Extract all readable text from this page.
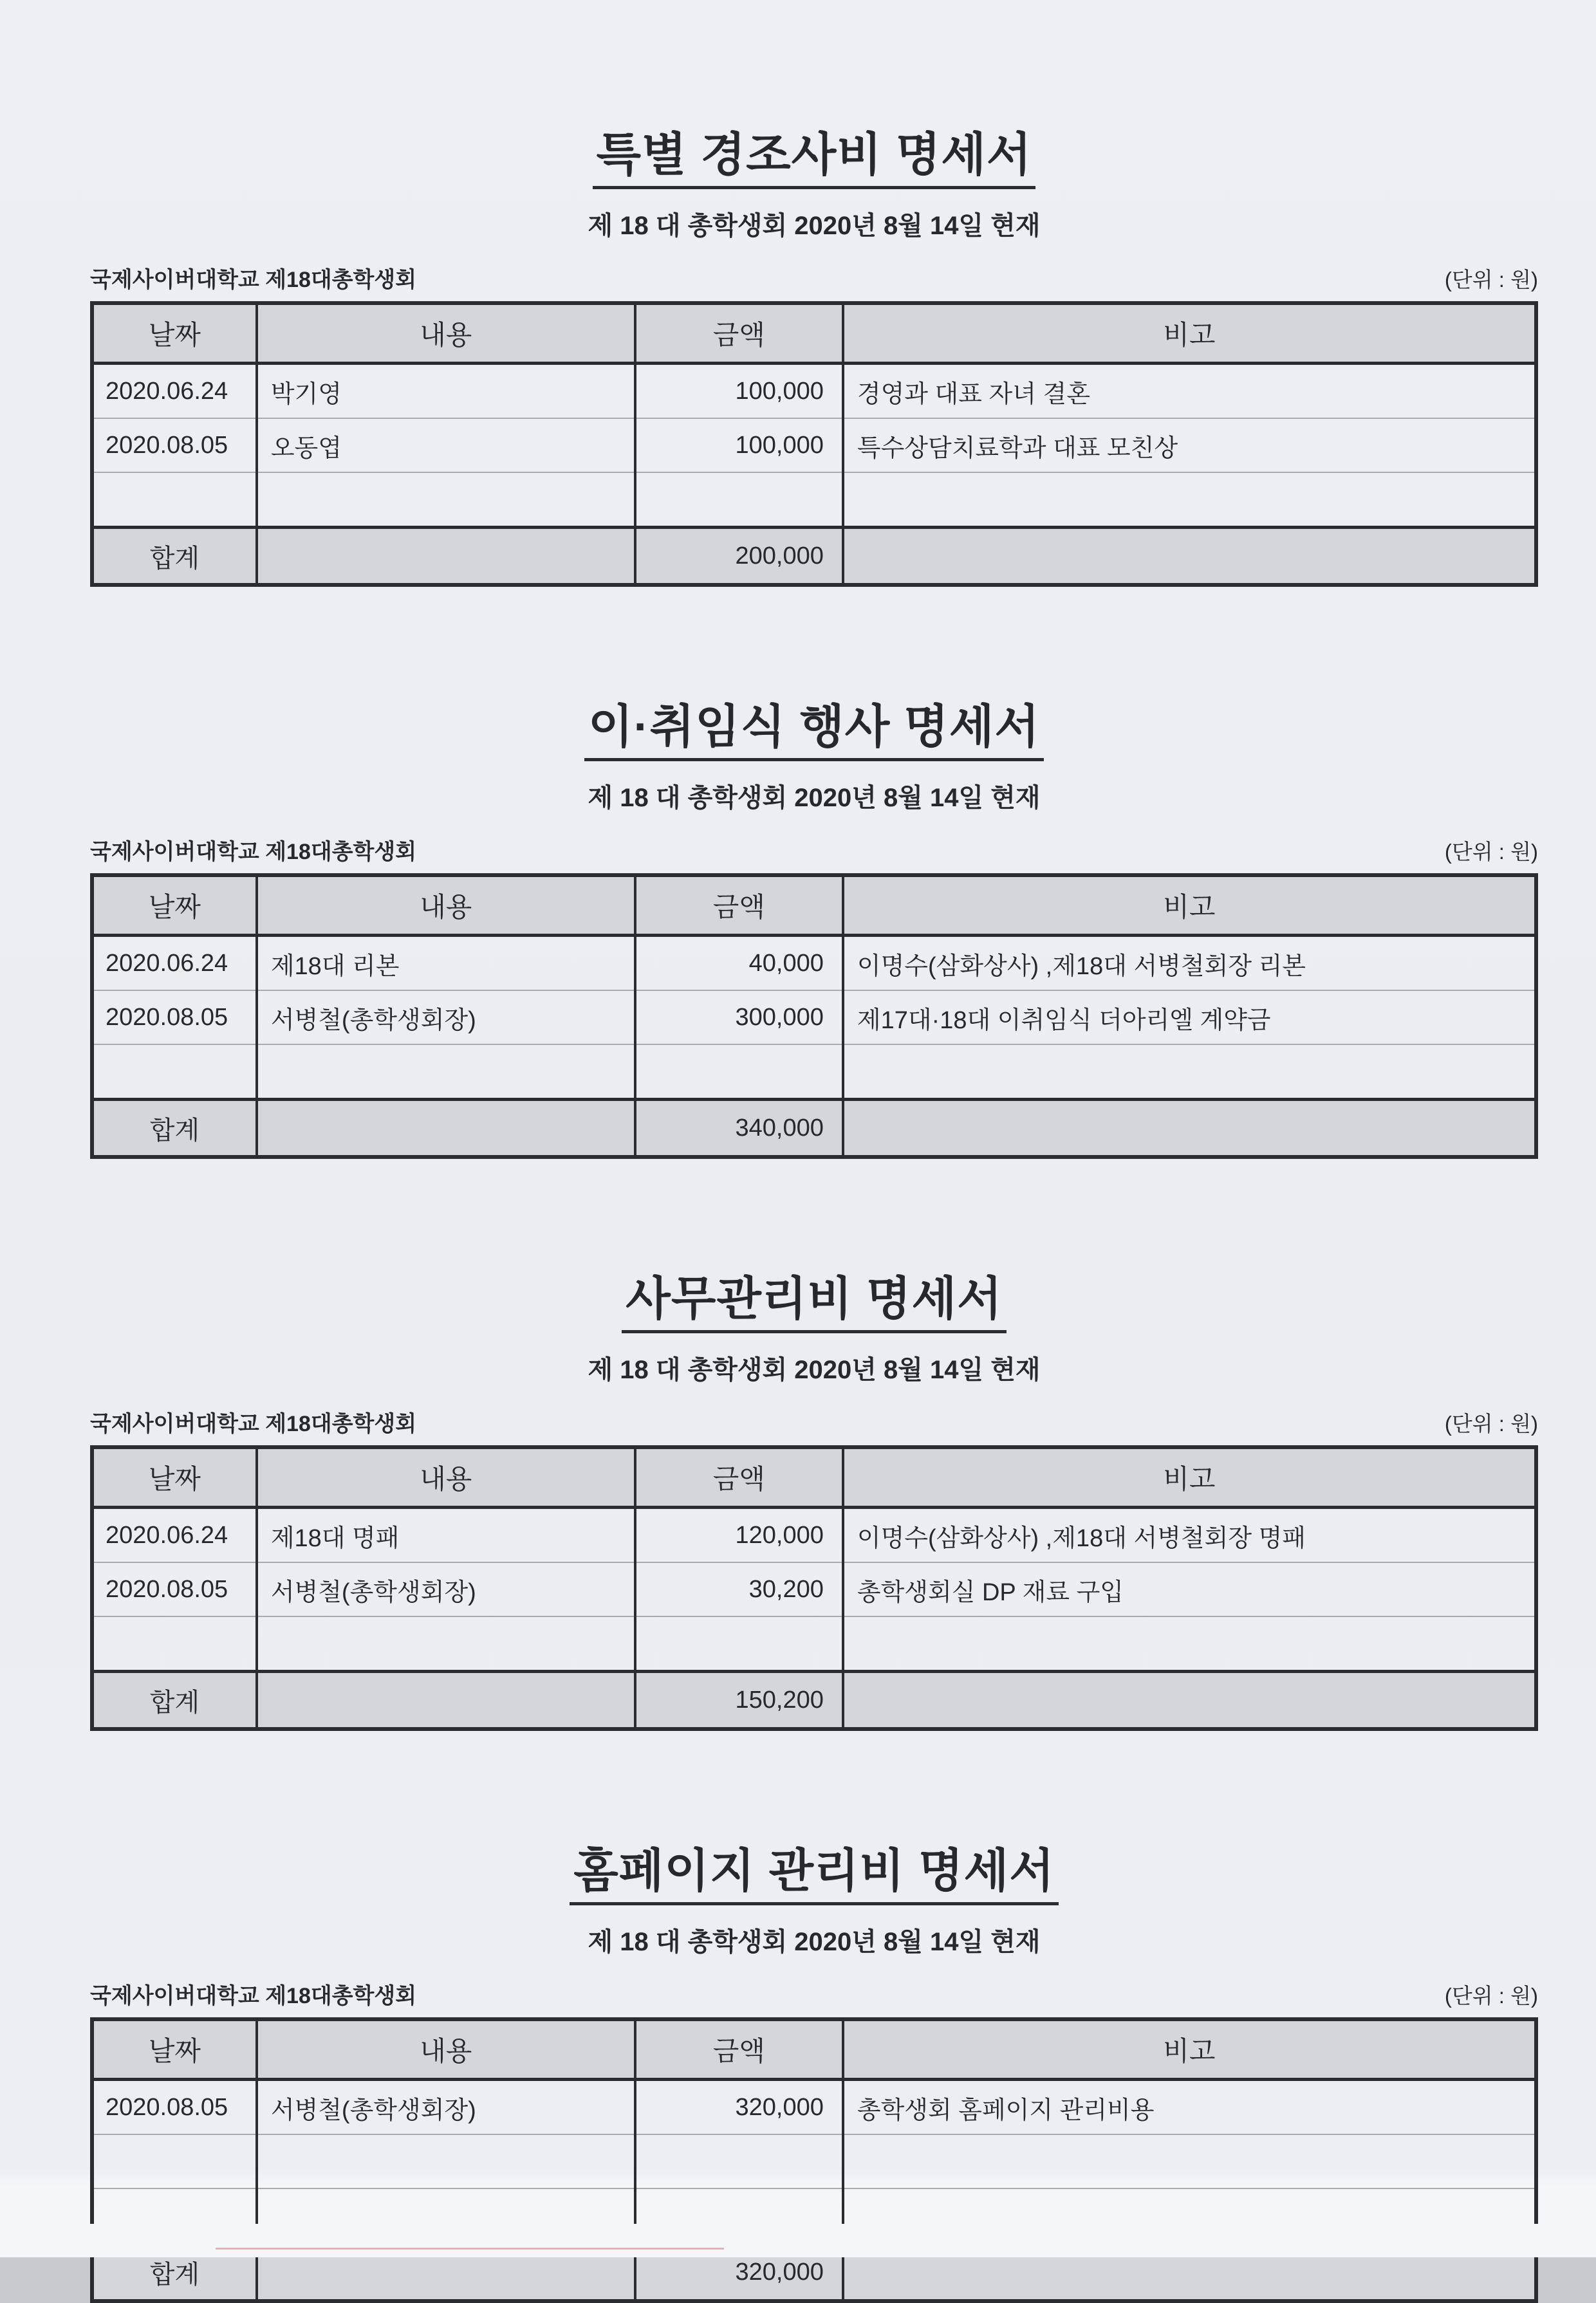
특별 경조사비 명세서
제 18 대 총학생회 2020년 8월 14일 현재
국제사이버대학교 제18대총학생회	(단위 : 원)
날짜	내용	금액	비고
2020.06.24	박기영	100,000	경영과 대표 자녀 결혼
2020.08.05	오동엽	100,000	특수상담치료학과 대표 모친상

합계		200,000	
이·취임식 행사 명세서
제 18 대 총학생회 2020년 8월 14일 현재
국제사이버대학교 제18대총학생회	(단위 : 원)
날짜	내용	금액	비고
2020.06.24	제18대 리본	40,000	이명수(삼화상사) ,제18대 서병철회장 리본
2020.08.05	서병철(총학생회장)	300,000	제17대·18대 이취임식 더아리엘 계약금

합계		340,000	
사무관리비 명세서
제 18 대 총학생회 2020년 8월 14일 현재
국제사이버대학교 제18대총학생회	(단위 : 원)
날짜	내용	금액	비고
2020.06.24	제18대 명패	120,000	이명수(삼화상사) ,제18대 서병철회장 명패
2020.08.05	서병철(총학생회장)	30,200	총학생회실 DP 재료 구입

합계		150,200	
홈페이지 관리비 명세서
제 18 대 총학생회 2020년 8월 14일 현재
국제사이버대학교 제18대총학생회	(단위 : 원)
날짜	내용	금액	비고
2020.08.05	서병철(총학생회장)	320,000	총학생회 홈페이지 관리비용

합계		320,000	
